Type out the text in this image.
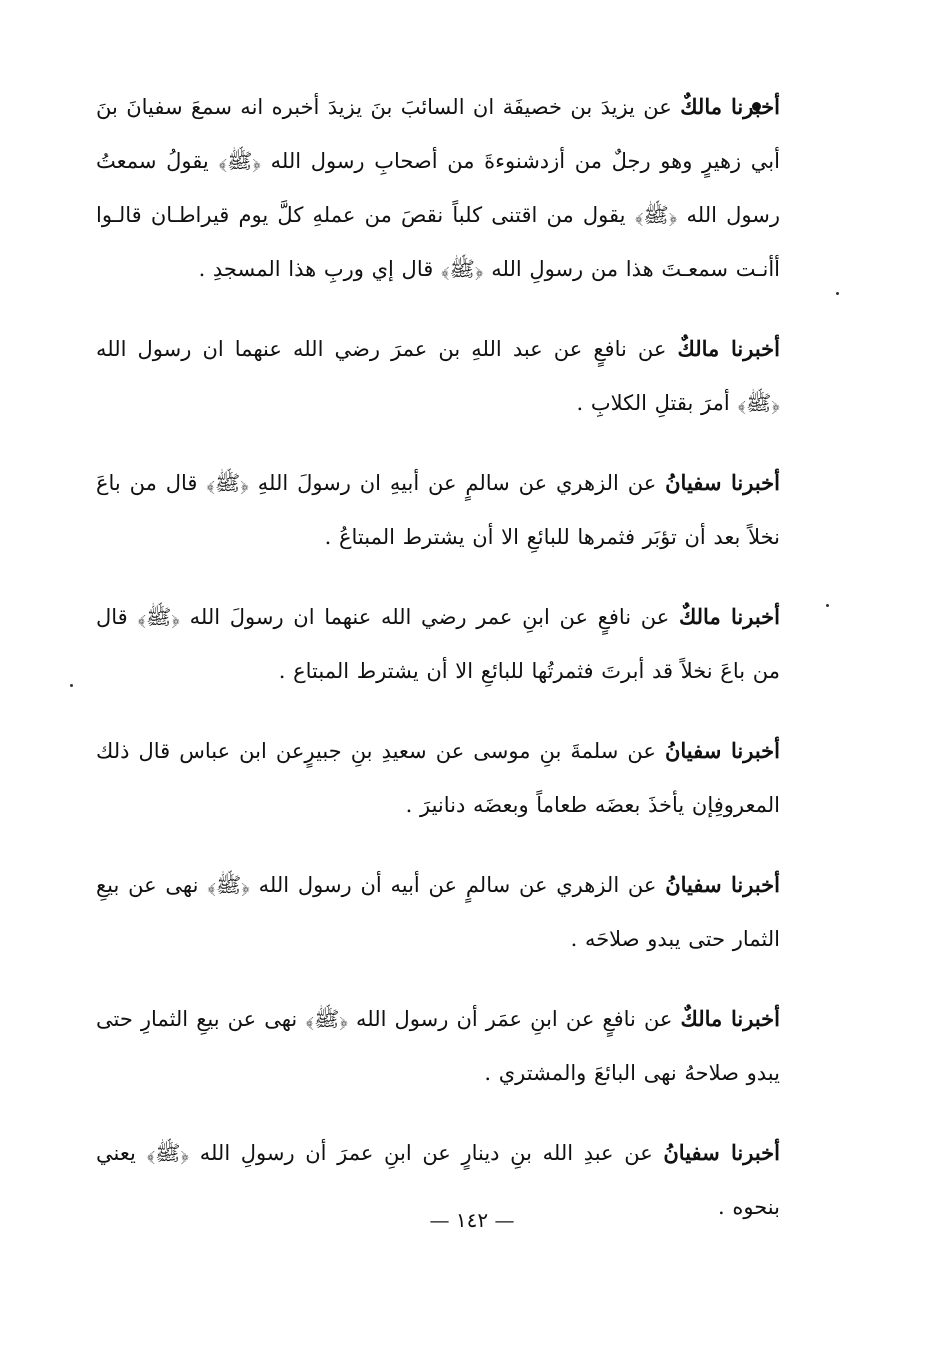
أخبرنا مالكٌ عن يزيدَ بن خصيفَة ان السائبَ بنَ يزيدَ أخبره انه سمعَ سفيانَ بنَ أبي زهيرٍ وهو رجلٌ من أزدشنوءةَ من أصحابِ رسول الله ﴿ﷺ﴾ يقولُ سمعتُ رسول الله ﴿ﷺ﴾ يقول من اقتنى كلباً نقصَ من عملهِ كلَّ يوم قيراطـان قالـوا أأنـت سمعـتَ هذا من رسولِ الله ﴿ﷺ﴾ قال إي وربِ هذا المسجدِ .

أخبرنا مالكٌ عن نافعٍ عن عبد اللهِ بن عمرَ رضي الله عنهما ان رسول الله ﴿ﷺ﴾ أمرَ بقتلِ الكلابِ .

أخبرنا سفيانُ عن الزهري عن سالمٍ عن أبيهِ ان رسولَ اللهِ ﴿ﷺ﴾ قال من باعَ نخلاً بعد أن تؤبَر فثمرها للبائعِ الا أن يشترط المبتاعُ .

أخبرنا مالكٌ عن نافعٍ عن ابنِ عمر رضي الله عنهما ان رسولَ الله ﴿ﷺ﴾ قال من باعَ نخلاً قد أبرتَ فثمرتُها للبائعِ الا أن يشترط المبتاع .

أخبرنا سفيانُ عن سلمةَ بنِ موسى عن سعيدِ بنِ جبيرٍعن ابن عباس قال ذلك المعروفِإن يأخذَ بعضَه طعاماً وبعضَه دنانيرَ .

أخبرنا سفيانُ عن الزهري عن سالمٍ عن أبيه أن رسول الله ﴿ﷺ﴾ نهى عن بيعِ الثمار حتى يبدو صلاحَه .

أخبرنا مالكٌ عن نافعٍ عن ابنِ عمَر أن رسول الله ﴿ﷺ﴾ نهى عن بيعِ الثمارِ حتى يبدو صلاحهُ نهى البائعَ والمشتري .

أخبرنا سفيانُ عن عبدِ الله بنِ دينارٍ عن ابنِ عمرَ أن رسولِ الله ﴿ﷺ﴾ يعني بنحوه .

— ١٤٢ —
